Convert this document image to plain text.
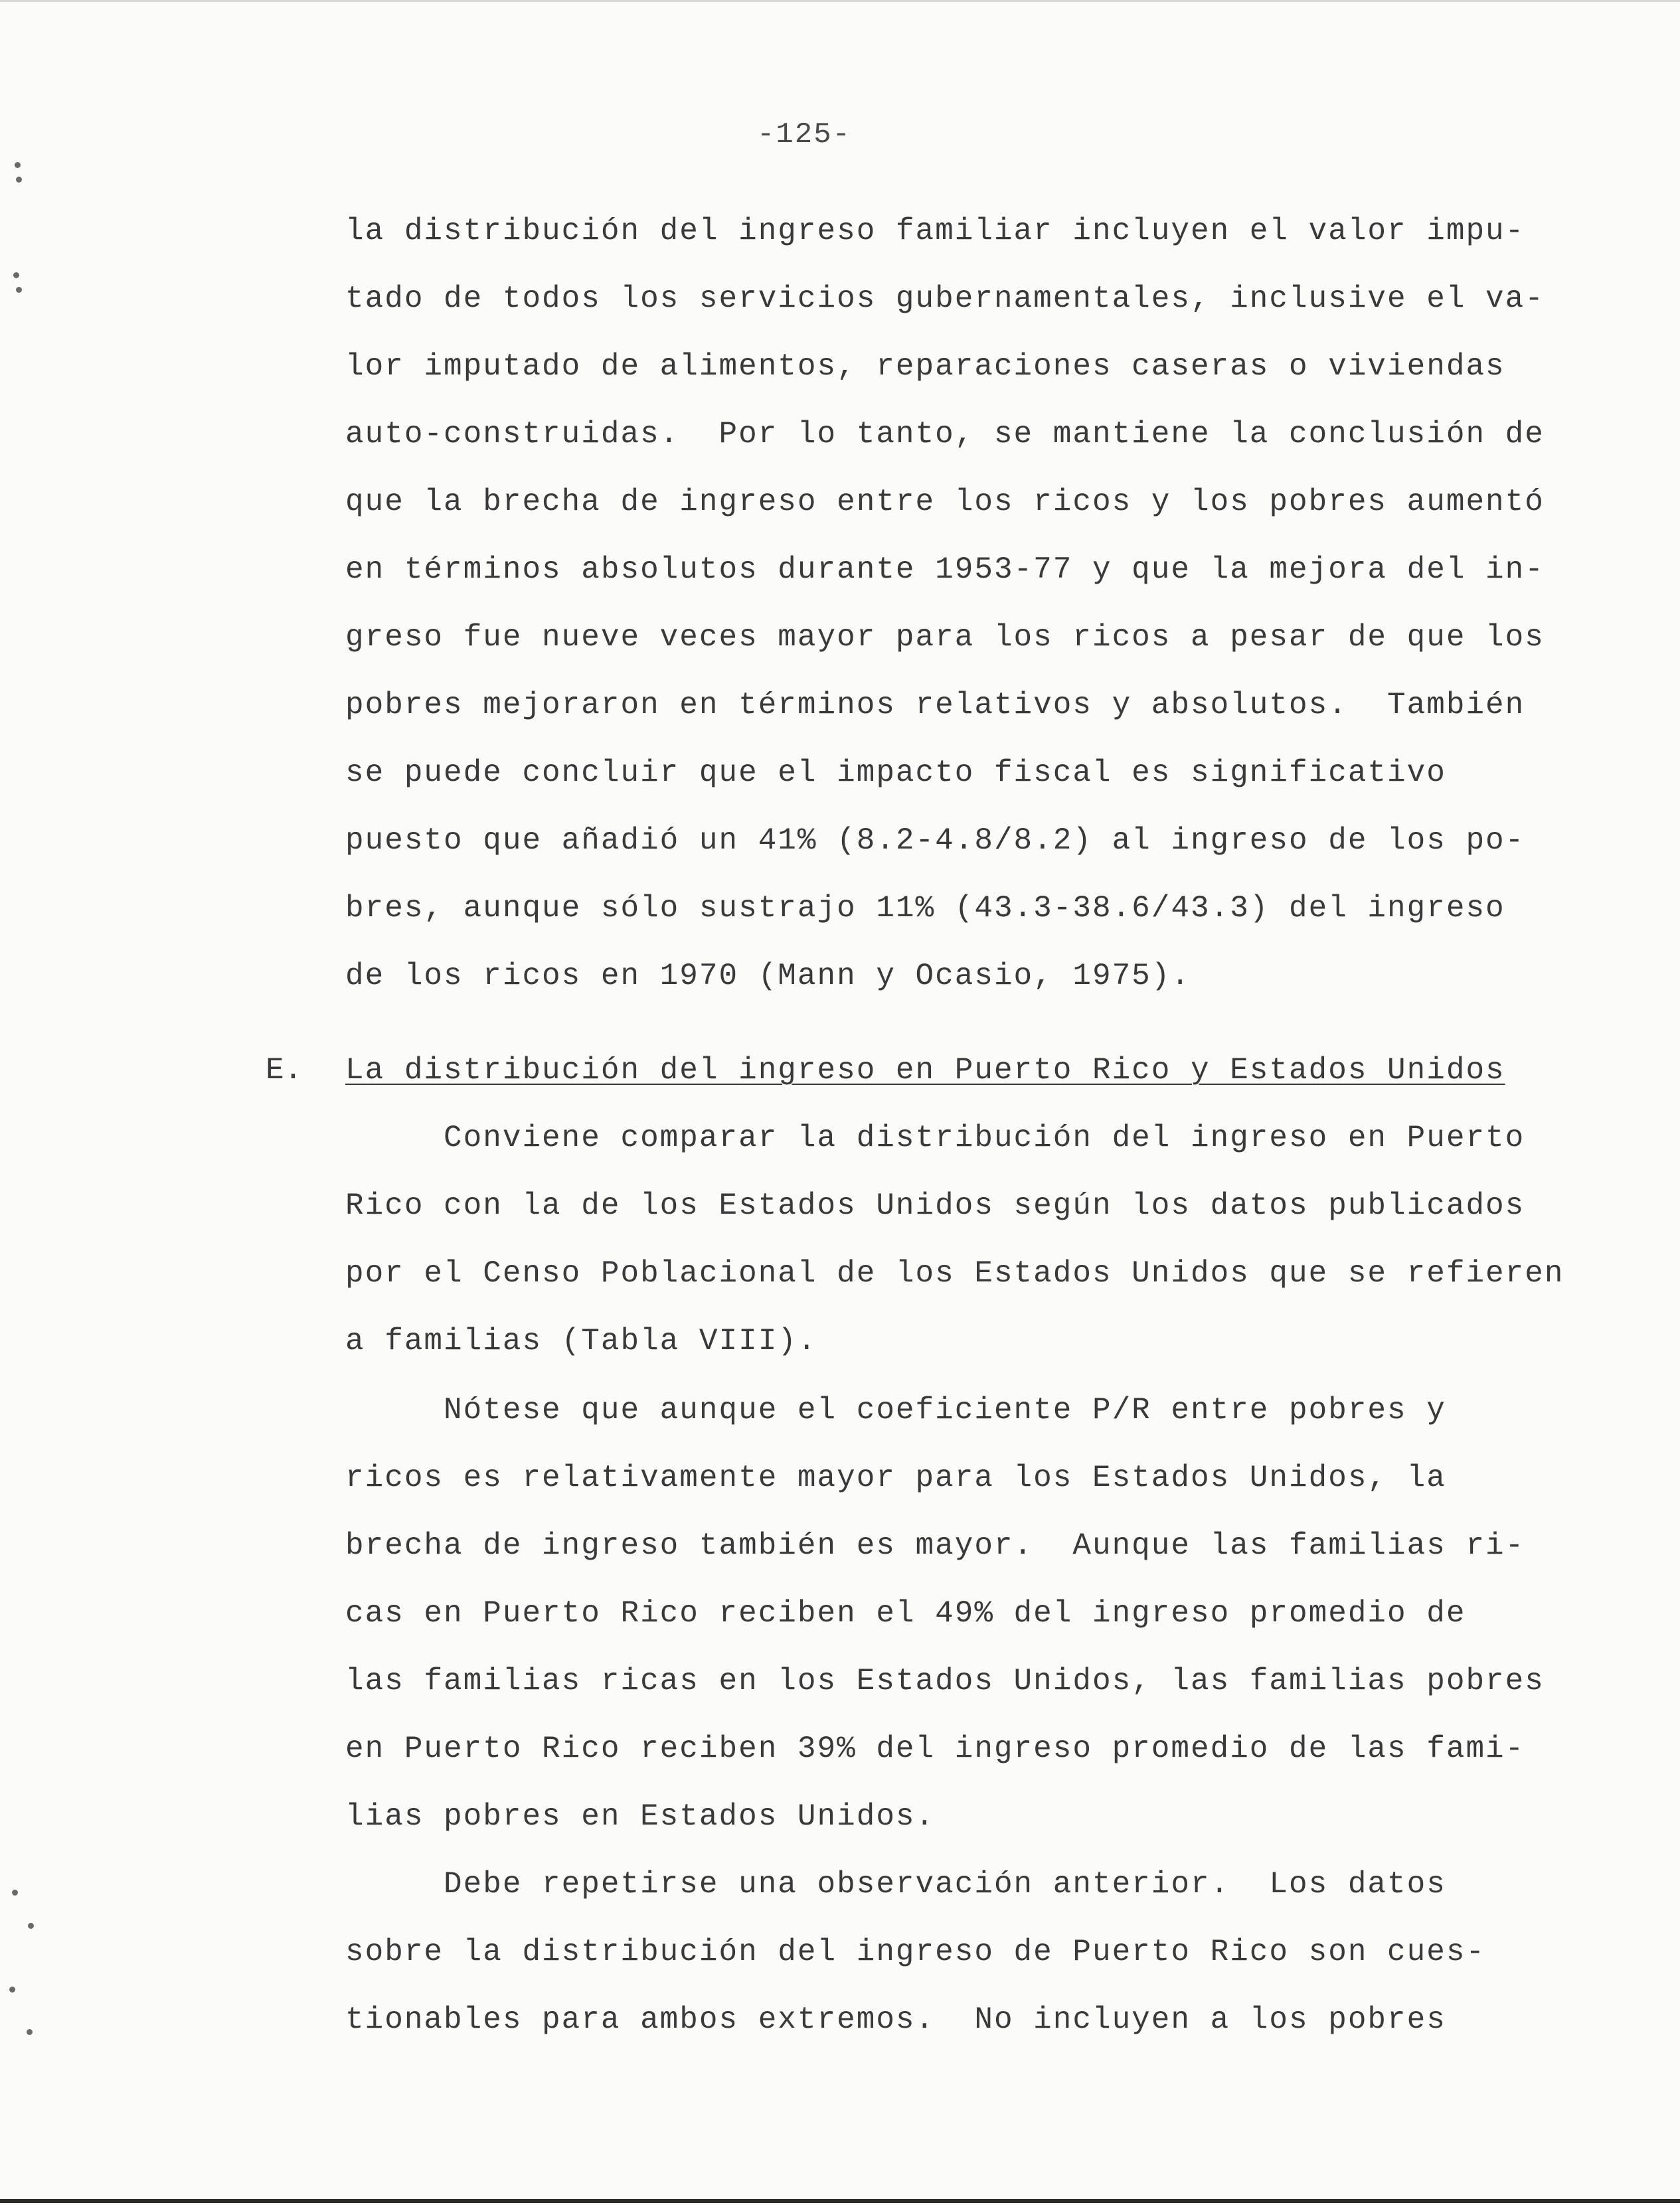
-125-
la distribución del ingreso familiar incluyen el valor impu-
tado de todos los servicios gubernamentales, inclusive el va-
lor imputado de alimentos, reparaciones caseras o viviendas
auto-construidas.  Por lo tanto, se mantiene la conclusión de
que la brecha de ingreso entre los ricos y los pobres aumentó
en términos absolutos durante 1953-77 y que la mejora del in-
greso fue nueve veces mayor para los ricos a pesar de que los
pobres mejoraron en términos relativos y absolutos.  También
se puede concluir que el impacto fiscal es significativo
puesto que añadió un 41% (8.2-4.8/8.2) al ingreso de los po-
bres, aunque sólo sustrajo 11% (43.3-38.6/43.3) del ingreso
de los ricos en 1970 (Mann y Ocasio, 1975).
E. La distribución del ingreso en Puerto Rico y Estados Unidos
Conviene comparar la distribución del ingreso en Puerto
Rico con la de los Estados Unidos según los datos publicados
por el Censo Poblacional de los Estados Unidos que se refieren
a familias (Tabla VIII).
Nótese que aunque el coeficiente P/R entre pobres y
ricos es relativamente mayor para los Estados Unidos, la
brecha de ingreso también es mayor.  Aunque las familias ri-
cas en Puerto Rico reciben el 49% del ingreso promedio de
las familias ricas en los Estados Unidos, las familias pobres
en Puerto Rico reciben 39% del ingreso promedio de las fami-
lias pobres en Estados Unidos.
Debe repetirse una observación anterior.  Los datos
sobre la distribución del ingreso de Puerto Rico son cues-
tionables para ambos extremos.  No incluyen a los pobres
